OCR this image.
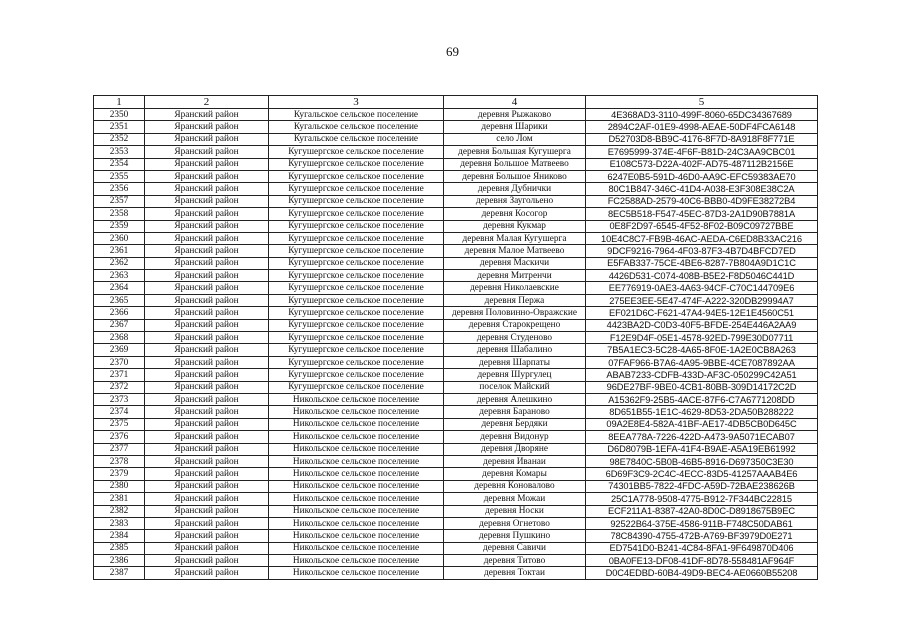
69
1	2	3	4	5
2350	Яранский район	Кугальское сельское поселение	деревня Рыжаково	4E368AD3-3110-499F-8060-65DC34367689
2351	Яранский район	Кугальское сельское поселение	деревня Шарики	2894C2AF-01E9-4998-AEAE-50DF4FCA6148
2352	Яранский район	Кугальское сельское поселение	село Лом	D52703D8-BB9C-4176-8F7D-8A918F8F771E
2353	Яранский район	Кугушергское сельское поселение	деревня Большая Кугушерга	E7695999-374E-4F6F-B81D-24C3AA9CBC01
2354	Яранский район	Кугушергское сельское поселение	деревня Большое Матвеево	E108C573-D22A-402F-AD75-487112B2156E
2355	Яранский район	Кугушергское сельское поселение	деревня Большое Яниково	6247E0B5-591D-46D0-AA9C-EFC59383AE70
2356	Яранский район	Кугушергское сельское поселение	деревня Дубнички	80C1B847-346C-41D4-A038-E3F308E38C2A
2357	Яранский район	Кугушергское сельское поселение	деревня Заугольено	FC2588AD-2579-40C6-BBB0-4D9FE38272B4
2358	Яранский район	Кугушергское сельское поселение	деревня Косогор	8EC5B518-F547-45EC-87D3-2A1D90B7881A
2359	Яранский район	Кугушергское сельское поселение	деревня Кукмар	0E8F2D97-6545-4F52-8F02-B09C09727BBE
2360	Яранский район	Кугушергское сельское поселение	деревня Малая Кугушерга	10E4C8C7-FB9B-46AC-AEDA-C6ED8B33AC216
2361	Яранский район	Кугушергское сельское поселение	деревня Малое Матвеево	9DCF9216-7964-4F03-87F3-4B7D4BFCD7ED
2362	Яранский район	Кугушергское сельское поселение	деревня Маскичи	E5FAB337-75CE-4BE6-8287-7B804A9D1C1C
2363	Яранский район	Кугушергское сельское поселение	деревня Митренчи	4426D531-C074-408B-B5E2-F8D5046C441D
2364	Яранский район	Кугушергское сельское поселение	деревня Николаевские	EE776919-0AE3-4A63-94CF-C70C144709E6
2365	Яранский район	Кугушергское сельское поселение	деревня Пержа	275EE3EE-5E47-474F-A222-320DB29994A7
2366	Яранский район	Кугушергское сельское поселение	деревня Половинно-Овражские	EF021D6C-F621-47A4-94E5-12E1E4560C51
2367	Яранский район	Кугушергское сельское поселение	деревня Старокрещено	4423BA2D-C0D3-40F5-BFDE-254E446A2AA9
2368	Яранский район	Кугушергское сельское поселение	деревня Студеново	F12E9D4F-05E1-4578-92ED-799E30D07711
2369	Яранский район	Кугушергское сельское поселение	деревня Шабалино	7B5A1EC3-5C28-4A65-8F0E-1A2E0CB8A263
2370	Яранский район	Кугушергское сельское поселение	деревня Шарпаты	07FAF966-B7A6-4A95-9BBE-4CE7087892AA
2371	Яранский район	Кугушергское сельское поселение	деревня Шургулец	ABAB7233-CDFB-433D-AF3C-050299C42A51
2372	Яранский район	Кугушергское сельское поселение	поселок Майский	96DE27BF-9BE0-4CB1-80BB-309D14172C2D
2373	Яранский район	Никольское сельское поселение	деревня Алешкино	A15362F9-25B5-4ACE-87F6-C7A6771208DD
2374	Яранский район	Никольское сельское поселение	деревня Бараново	8D651B55-1E1C-4629-8D53-2DA50B288222
2375	Яранский район	Никольское сельское поселение	деревня Бердяки	09A2E8E4-582A-41BF-AE17-4DB5CB0D645C
2376	Яранский район	Никольское сельское поселение	деревня Видонур	8EEA778A-7226-422D-A473-9A5071ECAB07
2377	Яранский район	Никольское сельское поселение	деревня Дворяне	D6D8079B-1EFA-41F4-B9AE-A5A19EB61992
2378	Яранский район	Никольское сельское поселение	деревня Иванаи	98E7840C-5B0B-46B5-8916-D697350C3E30
2379	Яранский район	Никольское сельское поселение	деревня Комары	6D69F3C9-2C4C-4ECC-83D5-41257AAAB4E6
2380	Яранский район	Никольское сельское поселение	деревня Коноваловo	74301BB5-7822-4FDC-A59D-72BAE238626B
2381	Яранский район	Никольское сельское поселение	деревня Можаи	25C1A778-9508-4775-B912-7F344BC22815
2382	Яранский район	Никольское сельское поселение	деревня Носки	ECF211A1-8387-42A0-8D0C-D8918675B9EC
2383	Яранский район	Никольское сельское поселение	деревня Огнетово	92522B64-375E-4586-911B-F748C50DAB61
2384	Яранский район	Никольское сельское поселение	деревня Пушкино	78C84390-4755-472B-A769-BF3979D0E271
2385	Яранский район	Никольское сельское поселение	деревня Савичи	ED7541D0-B241-4C84-8FA1-9F649870D406
2386	Яранский район	Никольское сельское поселение	деревня Титово	0BA0FE13-DF08-41DF-8D78-558481AF964F
2387	Яранский район	Никольское сельское поселение	деревня Токтаи	D0C4EDBD-60B4-49D9-BEC4-AE0660B55208
